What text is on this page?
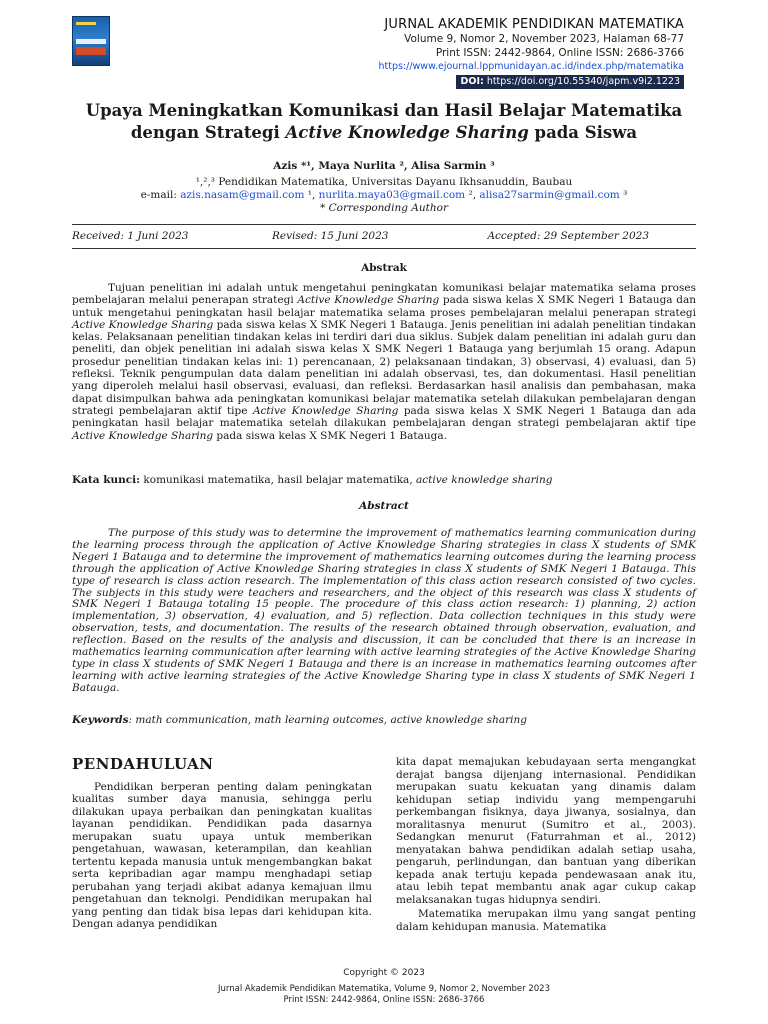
JURNAL AKADEMIK PENDIDIKAN MATEMATIKA
Volume 9, Nomor 2, November 2023, Halaman 68-77
Print ISSN: 2442-9864, Online ISSN: 2686-3766
https://www.ejournal.lppmunidayan.ac.id/index.php/matematika
DOI: https://doi.org/10.55340/japm.v9i2.1223
Upaya Meningkatkan Komunikasi dan Hasil Belajar Matematika
dengan Strategi Active Knowledge Sharing pada Siswa
Azis *¹, Maya Nurlita ², Alisa Sarmin ³
¹,²,³ Pendidikan Matematika, Universitas Dayanu Ikhsanuddin, Baubau
e-mail: azis.nasam@gmail.com ¹, nurlita.maya03@gmail.com ², alisa27sarmin@gmail.com ³
* Corresponding Author
Received: 1 Juni 2023	Revised: 15 Juni 2023	Accepted: 29 September 2023
Abstrak
Tujuan penelitian ini adalah untuk mengetahui peningkatan komunikasi belajar matematika selama proses pembelajaran melalui penerapan strategi Active Knowledge Sharing pada siswa kelas X SMK Negeri 1 Batauga dan untuk mengetahui peningkatan hasil belajar matematika selama proses pembelajaran melalui penerapan strategi Active Knowledge Sharing pada siswa kelas X SMK Negeri 1 Batauga. Jenis penelitian ini adalah penelitian tindakan kelas. Pelaksanaan penelitian tindakan kelas ini terdiri dari dua siklus. Subjek dalam penelitian ini adalah guru dan peneliti, dan objek penelitian ini adalah siswa kelas X SMK Negeri 1 Batauga yang berjumlah 15 orang. Adapun prosedur penelitian tindakan kelas ini: 1) perencanaan, 2) pelaksanaan tindakan, 3) observasi, 4) evaluasi, dan 5) refleksi. Teknik pengumpulan data dalam penelitian ini adalah observasi, tes, dan dokumentasi. Hasil penelitian yang diperoleh melalui hasil observasi, evaluasi, dan refleksi. Berdasarkan hasil analisis dan pembahasan, maka dapat disimpulkan bahwa ada peningkatan komunikasi belajar matematika setelah dilakukan pembelajaran dengan strategi pembelajaran aktif tipe Active Knowledge Sharing pada siswa kelas X SMK Negeri 1 Batauga dan ada peningkatan hasil belajar matematika setelah dilakukan pembelajaran dengan strategi pembelajaran aktif tipe Active Knowledge Sharing pada siswa kelas X SMK Negeri 1 Batauga.
Kata kunci: komunikasi matematika, hasil belajar matematika, active knowledge sharing
Abstract
The purpose of this study was to determine the improvement of mathematics learning communication during the learning process through the application of Active Knowledge Sharing strategies in class X students of SMK Negeri 1 Batauga and to determine the improvement of mathematics learning outcomes during the learning process through the application of Active Knowledge Sharing strategies in class X students of SMK Negeri 1 Batauga. This type of research is class action research. The implementation of this class action research consisted of two cycles. The subjects in this study were teachers and researchers, and the object of this research was class X students of SMK Negeri 1 Batauga totaling 15 people. The procedure of this class action research: 1) planning, 2) action implementation, 3) observation, 4) evaluation, and 5) reflection. Data collection techniques in this study were observation, tests, and documentation. The results of the research obtained through observation, evaluation, and reflection. Based on the results of the analysis and discussion, it can be concluded that there is an increase in mathematics learning communication after learning with active learning strategies of the Active Knowledge Sharing type in class X students of SMK Negeri 1 Batauga and there is an increase in mathematics learning outcomes after learning with active learning strategies of the Active Knowledge Sharing type in class X students of SMK Negeri 1 Batauga.
Keywords: math communication, math learning outcomes, active knowledge sharing
PENDAHULUAN

Pendidikan berperan penting dalam peningkatan kualitas sumber daya manusia, sehingga perlu dilakukan upaya perbaikan dan peningkatan kualitas layanan pendidikan. Pendidikan pada dasarnya merupakan suatu upaya untuk memberikan pengetahuan, wawasan, keterampilan, dan keahlian tertentu kepada manusia untuk mengembangkan bakat serta kepribadian agar mampu menghadapi setiap perubahan yang terjadi akibat adanya kemajuan ilmu pengetahuan dan teknolgi. Pendidikan merupakan hal yang penting dan tidak bisa lepas dari kehidupan kita. Dengan adanya pendidikan

kita dapat memajukan kebudayaan serta mengangkat derajat bangsa dijenjang internasional. Pendidikan merupakan suatu kekuatan yang dinamis dalam kehidupan setiap individu yang mempengaruhi perkembangan fisiknya, daya jiwanya, sosialnya, dan moralitasnya menurut (Sumitro et al., 2003). Sedangkan menurut (Faturrahman et al., 2012) menyatakan bahwa pendidikan adalah setiap usaha, pengaruh, perlindungan, dan bantuan yang diberikan kepada anak tertuju kepada pendewasaan anak itu, atau lebih tepat membantu anak agar cukup cakap melaksanakan tugas hidupnya sendiri.

Matematika merupakan ilmu yang sangat penting dalam kehidupan manusia. Matematika

Copyright © 2023
Jurnal Akademik Pendidikan Matematika, Volume 9, Nomor 2, November 2023
Print ISSN: 2442-9864, Online ISSN: 2686-3766
